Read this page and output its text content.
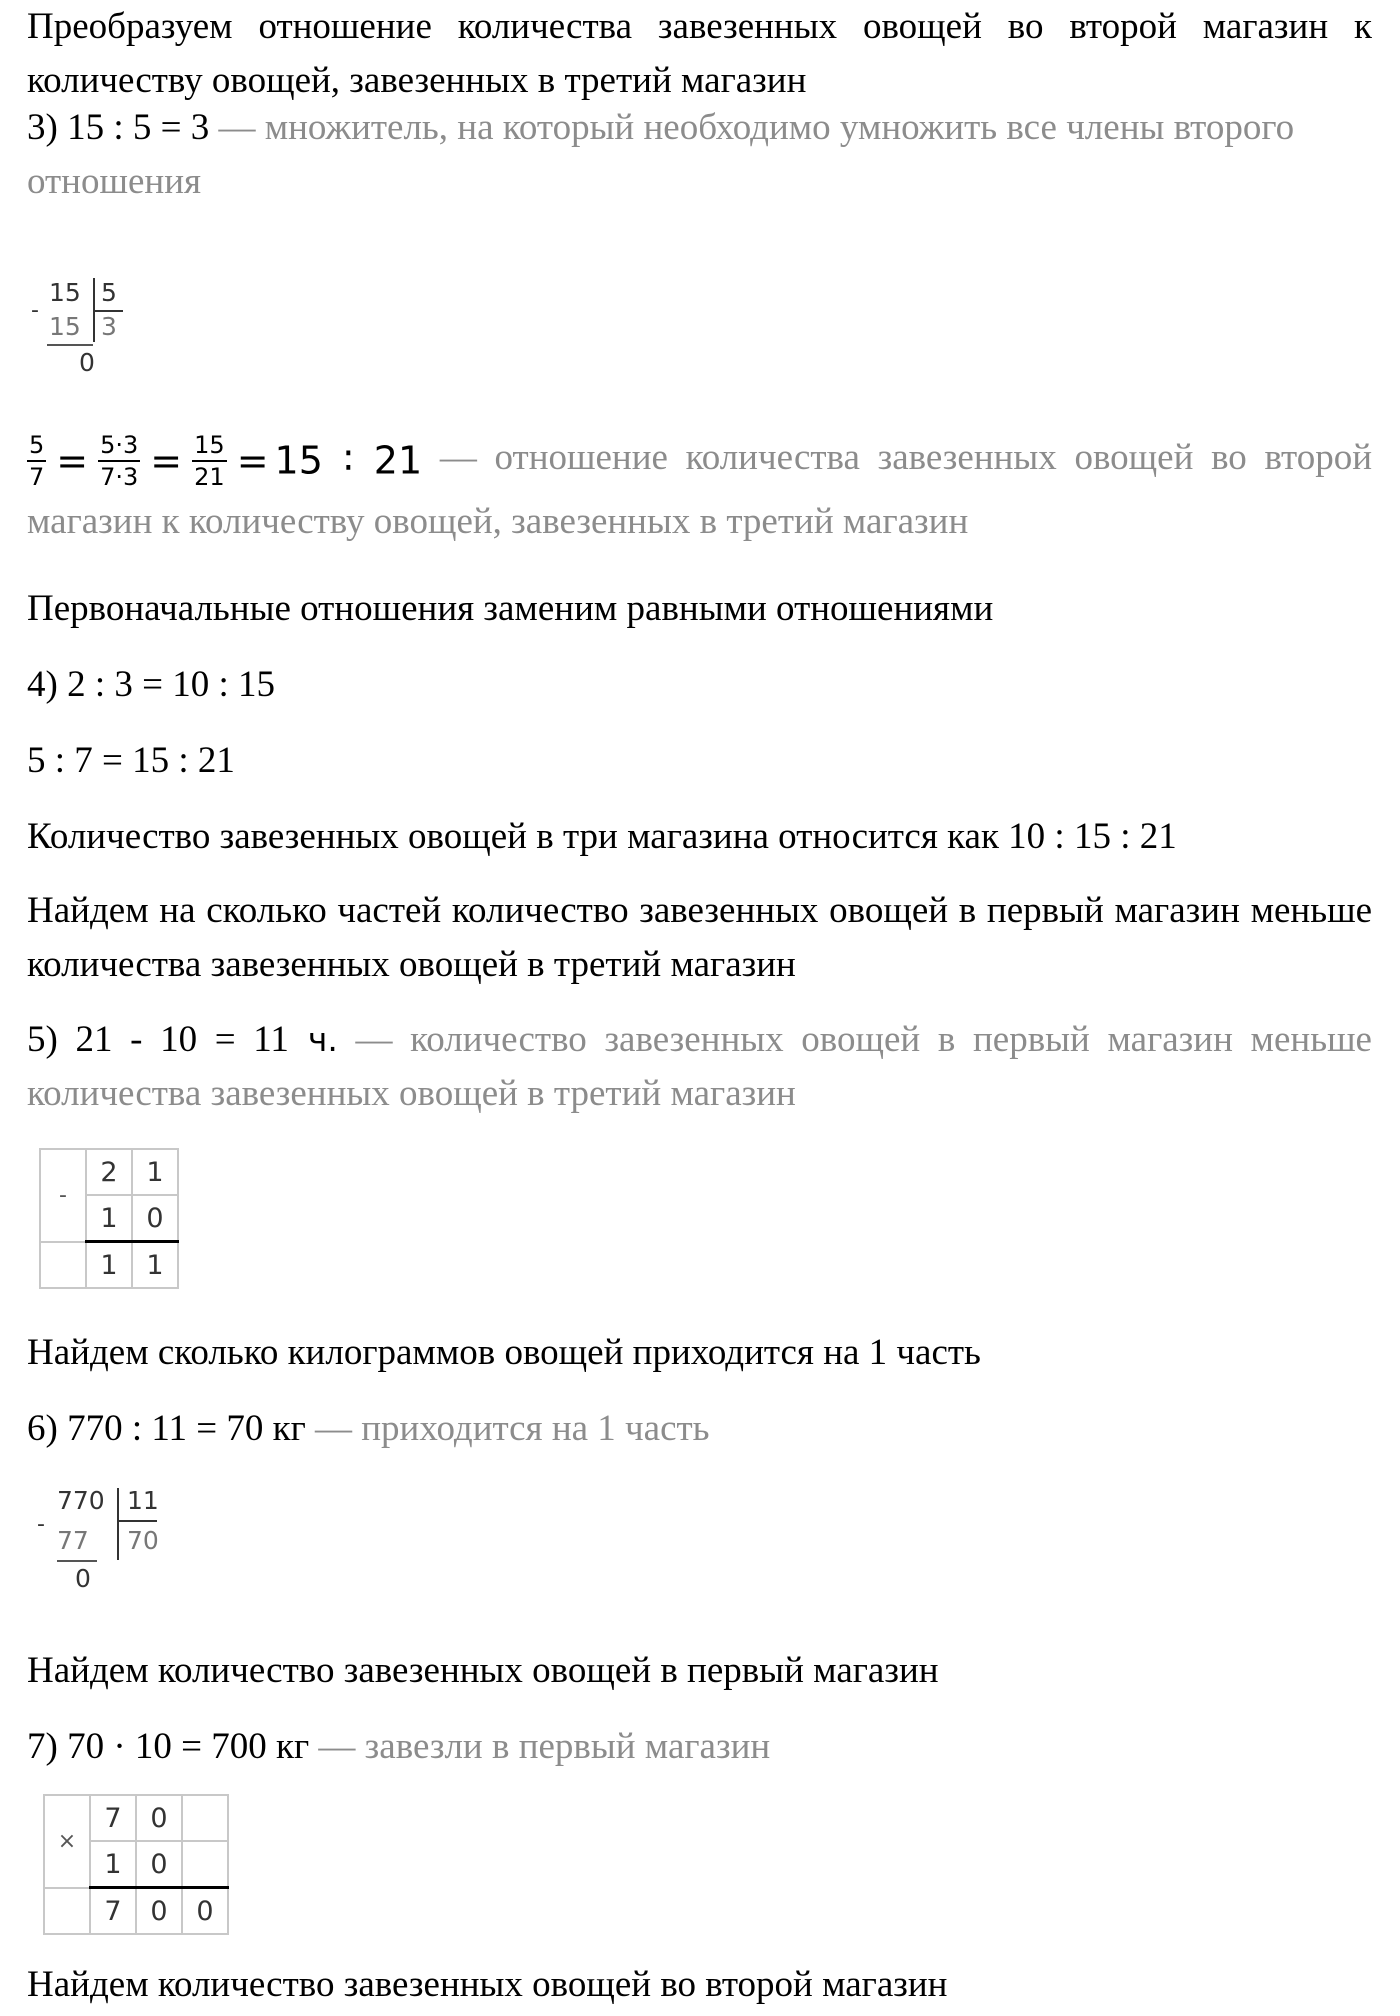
Преобразуем отношение количества завезенных овощей во второй магазин к количеству овощей, завезенных в третий магазин

3) 15 : 5 = 3 — множитель, на который необходимо умножить все члены второго отношения

-
15 5
15 3
0
$\frac{5}{7} = \frac{5\cdot 3}{7\cdot 3} = \frac{15}{21} = 15$ ∶ 21 — отношение количества завезенных овощей во второй магазин к количеству овощей, завезенных в третий магазин

Первоначальные отношения заменим равными отношениями

4) 2 : 3 = 10 : 15

5 : 7 = 15 : 21

Количество завезенных овощей в три магазина относится как 10 : 15 : 21

Найдем на сколько частей количество завезенных овощей в первый магазин меньше количества завезенных овощей в третий магазин

5) 21 - 10 = 11 ч. — количество завезенных овощей в первый магазин меньше количества завезенных овощей в третий магазин

-	2	1
	1	0
	1	1

Найдем сколько килограммов овощей приходится на 1 часть

6) 770 : 11 = 70 кг — приходится на 1 часть

-
770 11
77 70
0

Найдем количество завезенных овощей в первый магазин

7) 70 · 10 = 700 кг — завезли в первый магазин

×	7	0	
	1	0	
	7	0	0

Найдем количество завезенных овощей во второй магазин
